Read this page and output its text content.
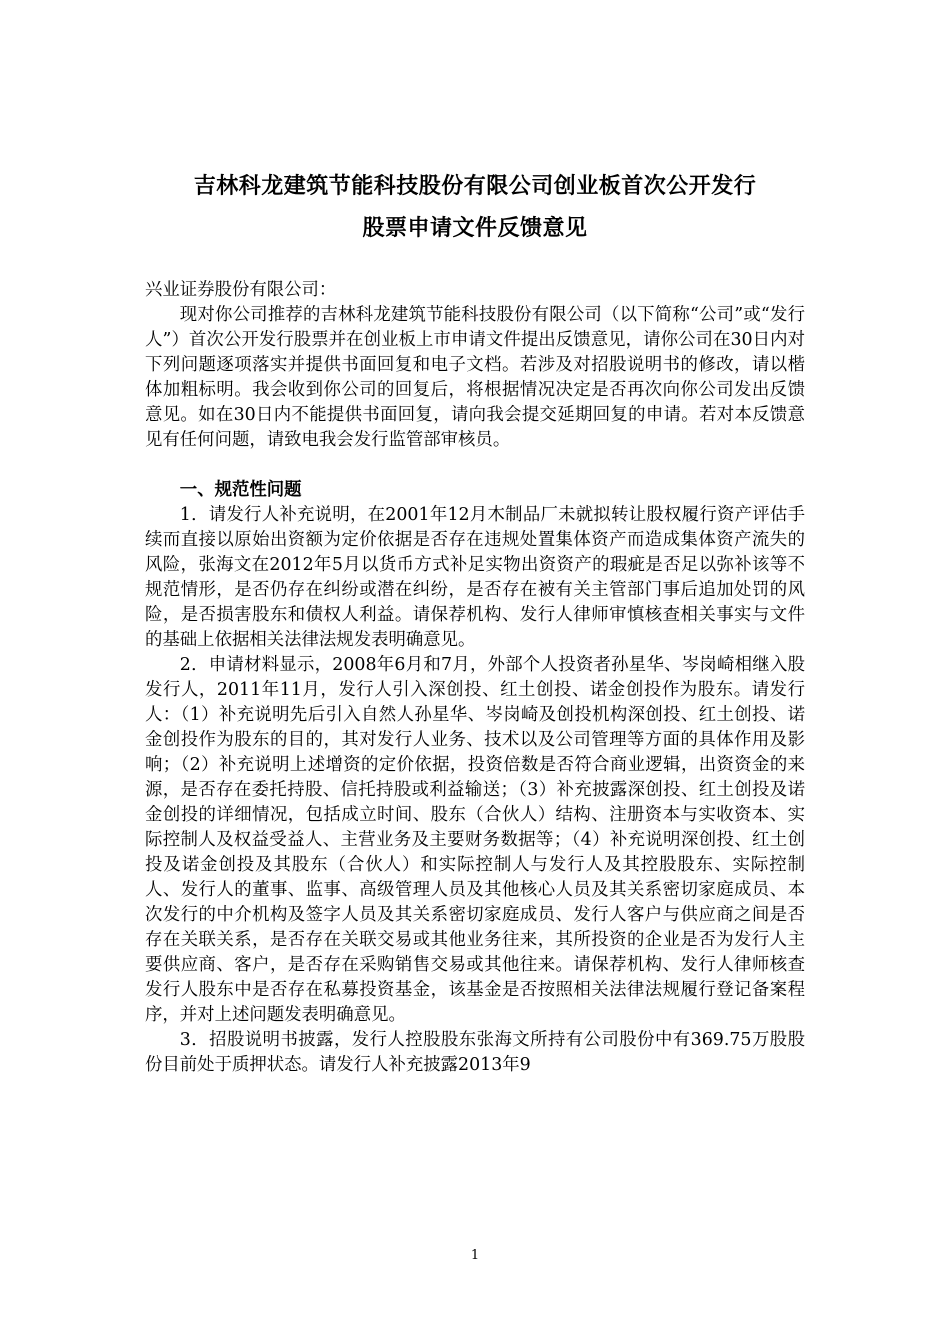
吉林科龙建筑节能科技股份有限公司创业板首次公开发行
股票申请文件反馈意见

兴业证券股份有限公司：

现对你公司推荐的吉林科龙建筑节能科技股份有限公司（以下简称“公司”或“发行人”）首次公开发行股票并在创业板上市申请文件提出反馈意见，请你公司在30日内对下列问题逐项落实并提供书面回复和电子文档。若涉及对招股说明书的修改，请以楷体加粗标明。我会收到你公司的回复后，将根据情况决定是否再次向你公司发出反馈意见。如在30日内不能提供书面回复，请向我会提交延期回复的申请。若对本反馈意见有任何问题，请致电我会发行监管部审核员。

一、规范性问题

1．请发行人补充说明，在2001年12月木制品厂未就拟转让股权履行资产评估手续而直接以原始出资额为定价依据是否存在违规处置集体资产而造成集体资产流失的风险，张海文在2012年5月以货币方式补足实物出资资产的瑕疵是否足以弥补该等不规范情形，是否仍存在纠纷或潜在纠纷，是否存在被有关主管部门事后追加处罚的风险，是否损害股东和债权人利益。请保荐机构、发行人律师审慎核查相关事实与文件的基础上依据相关法律法规发表明确意见。

2．申请材料显示，2008年6月和7月，外部个人投资者孙星华、岑岗崎相继入股发行人，2011年11月，发行人引入深创投、红土创投、诺金创投作为股东。请发行人：（1）补充说明先后引入自然人孙星华、岑岗崎及创投机构深创投、红土创投、诺金创投作为股东的目的，其对发行人业务、技术以及公司管理等方面的具体作用及影响；（2）补充说明上述增资的定价依据，投资倍数是否符合商业逻辑，出资资金的来源，是否存在委托持股、信托持股或利益输送；（3）补充披露深创投、红土创投及诺金创投的详细情况，包括成立时间、股东（合伙人）结构、注册资本与实收资本、实际控制人及权益受益人、主营业务及主要财务数据等；（4）补充说明深创投、红土创投及诺金创投及其股东（合伙人）和实际控制人与发行人及其控股股东、实际控制人、发行人的董事、监事、高级管理人员及其他核心人员及其关系密切家庭成员、本次发行的中介机构及签字人员及其关系密切家庭成员、发行人客户与供应商之间是否存在关联关系，是否存在关联交易或其他业务往来，其所投资的企业是否为发行人主要供应商、客户，是否存在采购销售交易或其他往来。请保荐机构、发行人律师核查发行人股东中是否存在私募投资基金，该基金是否按照相关法律法规履行登记备案程序，并对上述问题发表明确意见。

3．招股说明书披露，发行人控股股东张海文所持有公司股份中有369.75万股股份目前处于质押状态。请发行人补充披露2013年9

1
